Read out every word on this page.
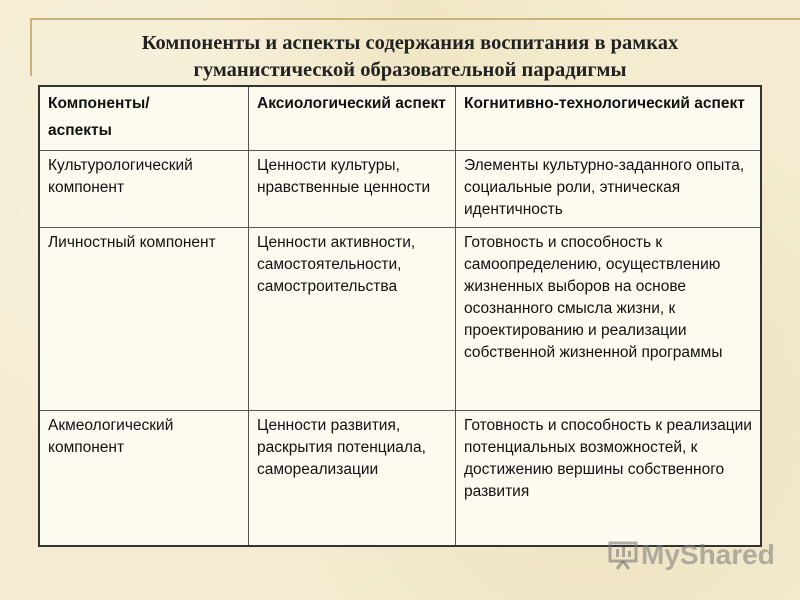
Компоненты и аспекты содержания воспитания в рамках
гуманистической образовательной парадигмы
Компоненты/
аспекты	Аксиологический аспект	Когнитивно-технологический аспект
Культурологический компонент	Ценности культуры, нравственные ценности	Элементы культурно-заданного опыта, социальные роли, этническая идентичность
Личностный компонент	Ценности активности, самостоятельности, самостроительства	Готовность и способность к самоопределению, осуществлению жизненных выборов на основе осознанного смысла жизни, к проектированию и реализации собственной жизненной программы
Акмеологический компонент	Ценности развития, раскрытия потенциала, самореализации	Готовность и способность к реализации потенциальных возможностей, к достижению вершины собственного развития
MyShared
